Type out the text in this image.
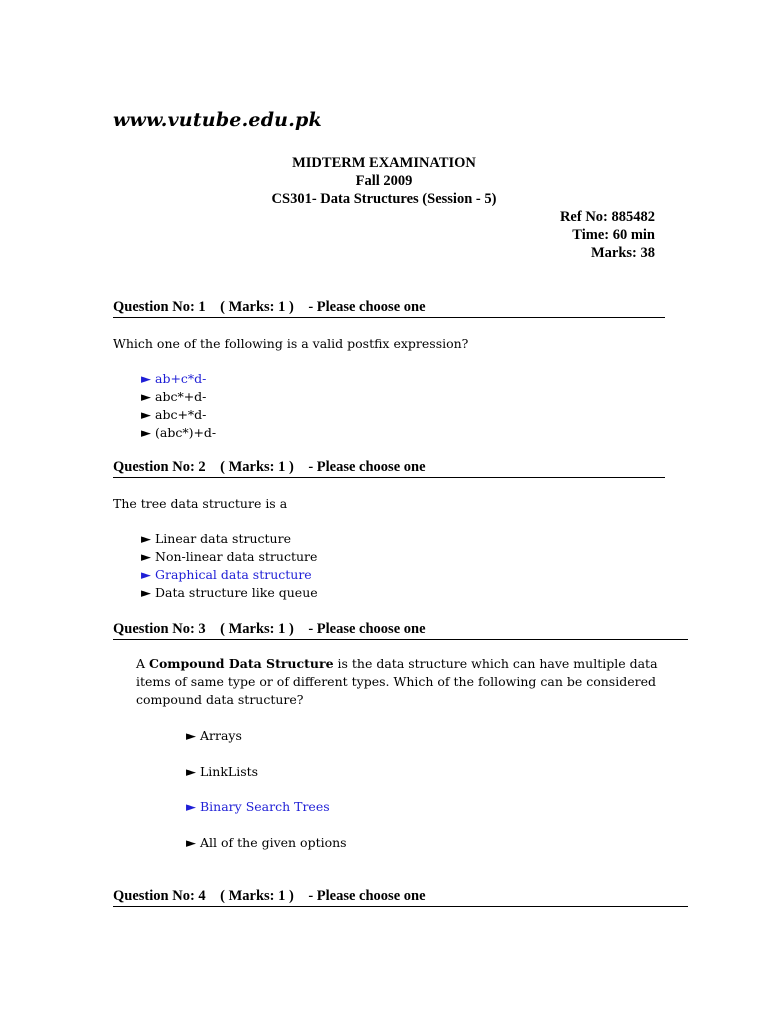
www.vutube.edu.pk
MIDTERM EXAMINATION
Fall 2009
CS301- Data Structures (Session - 5)
Ref No: 885482
Time: 60 min
Marks: 38
Question No: 1    ( Marks: 1 )    - Please choose one
Which one of the following is a valid postfix expression?
► ab+c*d-
► abc*+d-
► abc+*d-
► (abc*)+d-
Question No: 2    ( Marks: 1 )    - Please choose one
The tree data structure is a
► Linear data structure
► Non-linear data structure
► Graphical data structure
► Data structure like queue
Question No: 3    ( Marks: 1 )    - Please choose one
A Compound Data Structure is the data structure which can have multiple data
items of same type or of different types. Which of the following can be considered
compound data structure?
► Arrays
► LinkLists
► Binary Search Trees
► All of the given options
Question No: 4    ( Marks: 1 )    - Please choose one
